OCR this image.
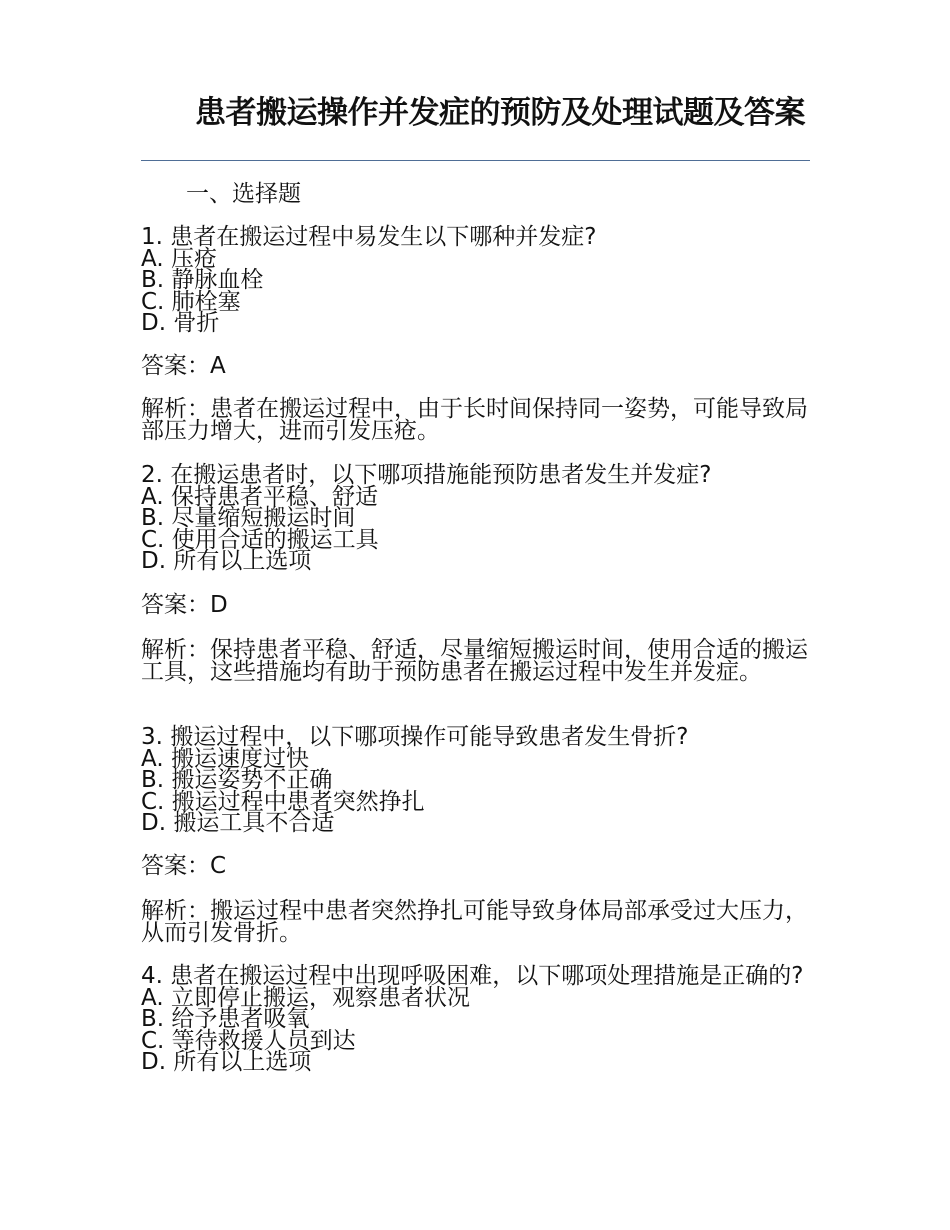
患者搬运操作并发症的预防及处理试题及答案

一、选择题

1. 患者在搬运过程中易发生以下哪种并发症?
A. 压疮
B. 静脉血栓
C. 肺栓塞
D. 骨折

答案：A

解析：患者在搬运过程中，由于长时间保持同一姿势，可能导致局部压力增大，进而引发压疮。

2. 在搬运患者时，以下哪项措施能预防患者发生并发症?
A. 保持患者平稳、舒适
B. 尽量缩短搬运时间
C. 使用合适的搬运工具
D. 所有以上选项

答案：D

解析：保持患者平稳、舒适，尽量缩短搬运时间，使用合适的搬运工具，这些措施均有助于预防患者在搬运过程中发生并发症。

3. 搬运过程中，以下哪项操作可能导致患者发生骨折?
A. 搬运速度过快
B. 搬运姿势不正确
C. 搬运过程中患者突然挣扎
D. 搬运工具不合适

答案：C

解析：搬运过程中患者突然挣扎可能导致身体局部承受过大压力，从而引发骨折。

4. 患者在搬运过程中出现呼吸困难，以下哪项处理措施是正确的?
A. 立即停止搬运，观察患者状况
B. 给予患者吸氧
C. 等待救援人员到达
D. 所有以上选项
